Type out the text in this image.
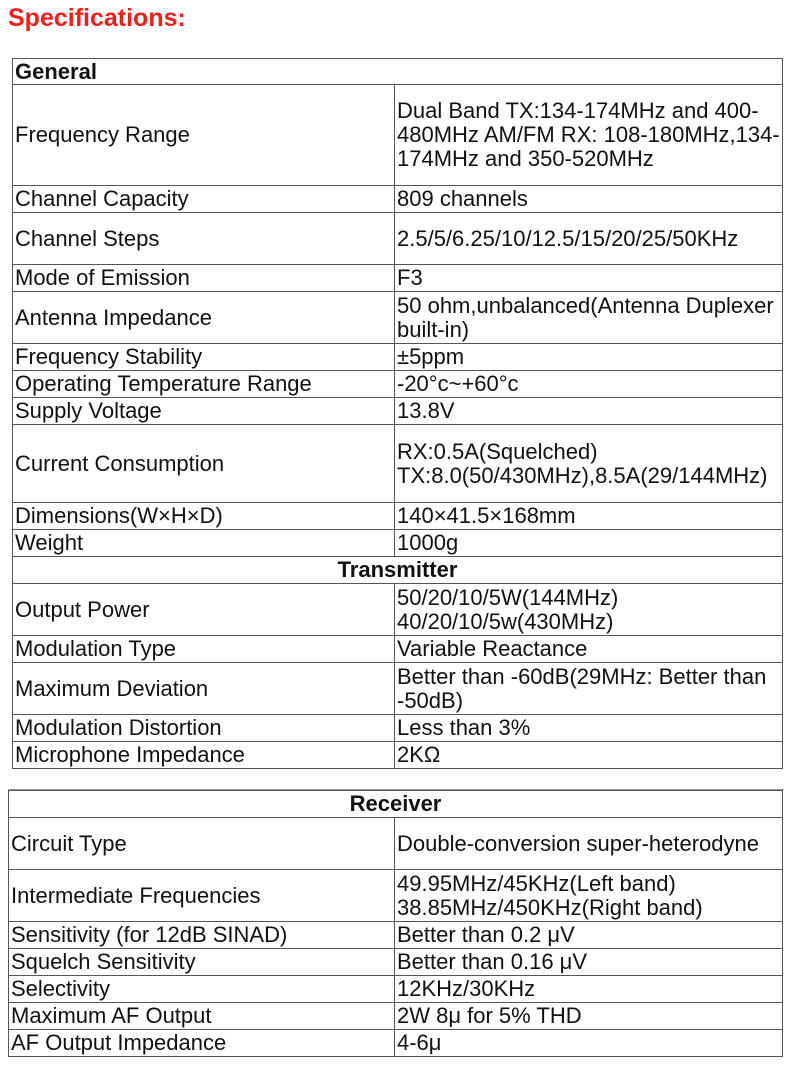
Specifications:
General	
Frequency Range	Dual Band TX:134-174MHz and 400-480MHz AM/FM RX: 108-180MHz,134-174MHz and 350-520MHz
Channel Capacity	809 channels
Channel Steps	2.5/5/6.25/10/12.5/15/20/25/50KHz
Mode of Emission	F3
Antenna Impedance	50 ohm,unbalanced(Antenna Duplexer built-in)
Frequency Stability	±5ppm
Operating Temperature Range	-20°c~+60°c
Supply Voltage	13.8V
Current Consumption	RX:0.5A(Squelched) TX:8.0(50/430MHz),8.5A(29/144MHz)
Dimensions(W×H×D)	140×41.5×168mm
Weight	1000g
Transmitter	
Output Power	50/20/10/5W(144MHz) 40/20/10/5w(430MHz)
Modulation Type	Variable Reactance
Maximum Deviation	Better than -60dB(29MHz: Better than -50dB)
Modulation Distortion	Less than 3%
Microphone Impedance	2KΩ
Receiver	
Circuit Type	Double-conversion super-heterodyne
Intermediate Frequencies	49.95MHz/45KHz(Left band) 38.85MHz/450KHz(Right band)
Sensitivity (for 12dB SINAD)	Better than 0.2 μV
Squelch Sensitivity	Better than 0.16 μV
Selectivity	12KHz/30KHz
Maximum AF Output	2W 8μ for 5% THD
AF Output Impedance	4-6μ
